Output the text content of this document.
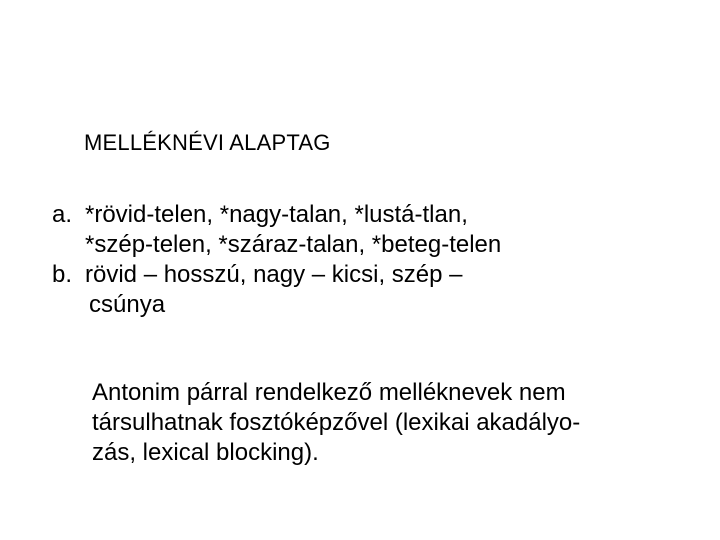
MELLÉKNÉVI ALAPTAG
a. *rövid-telen, *nagy-talan, *lustá-tlan,
*szép-telen, *száraz-talan, *beteg-telen
b. rövid – hosszú, nagy – kicsi, szép –
csúnya
Antonim párral rendelkező melléknevek nem
társulhatnak fosztóképzővel (lexikai akadályo-
zás, lexical blocking).
